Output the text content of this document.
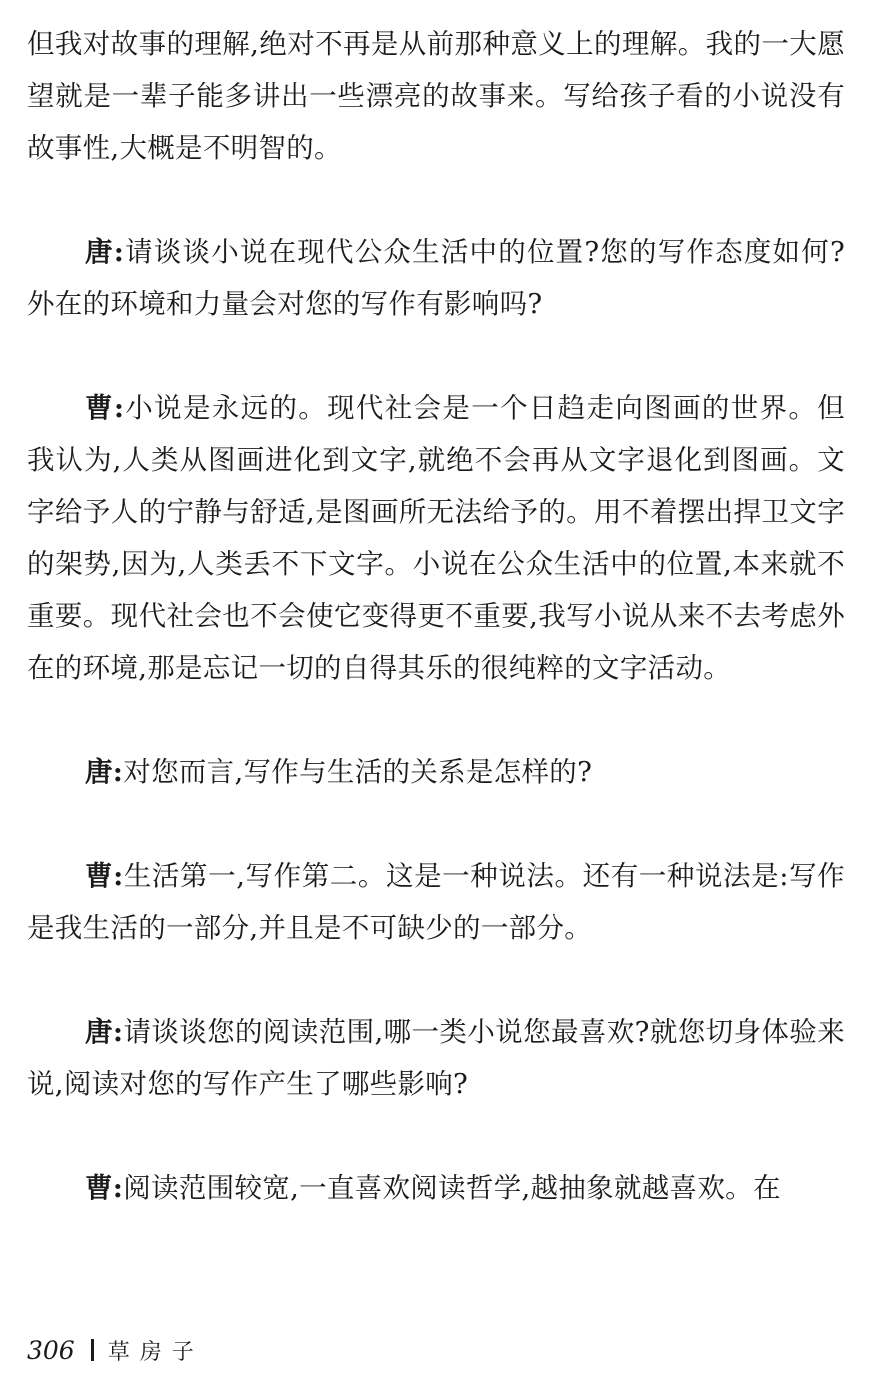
但我对故事的理解,绝对不再是从前那种意义上的理解。我的一大愿望就是一辈子能多讲出一些漂亮的故事来。写给孩子看的小说没有故事性,大概是不明智的。

唐:请谈谈小说在现代公众生活中的位置?您的写作态度如何?外在的环境和力量会对您的写作有影响吗?

曹:小说是永远的。现代社会是一个日趋走向图画的世界。但我认为,人类从图画进化到文字,就绝不会再从文字退化到图画。文字给予人的宁静与舒适,是图画所无法给予的。用不着摆出捍卫文字的架势,因为,人类丢不下文字。小说在公众生活中的位置,本来就不重要。现代社会也不会使它变得更不重要,我写小说从来不去考虑外在的环境,那是忘记一切的自得其乐的很纯粹的文字活动。

唐:对您而言,写作与生活的关系是怎样的?

曹:生活第一,写作第二。这是一种说法。还有一种说法是:写作是我生活的一部分,并且是不可缺少的一部分。

唐:请谈谈您的阅读范围,哪一类小说您最喜欢?就您切身体验来说,阅读对您的写作产生了哪些影响?

曹:阅读范围较宽,一直喜欢阅读哲学,越抽象就越喜欢。在

306 草房子
